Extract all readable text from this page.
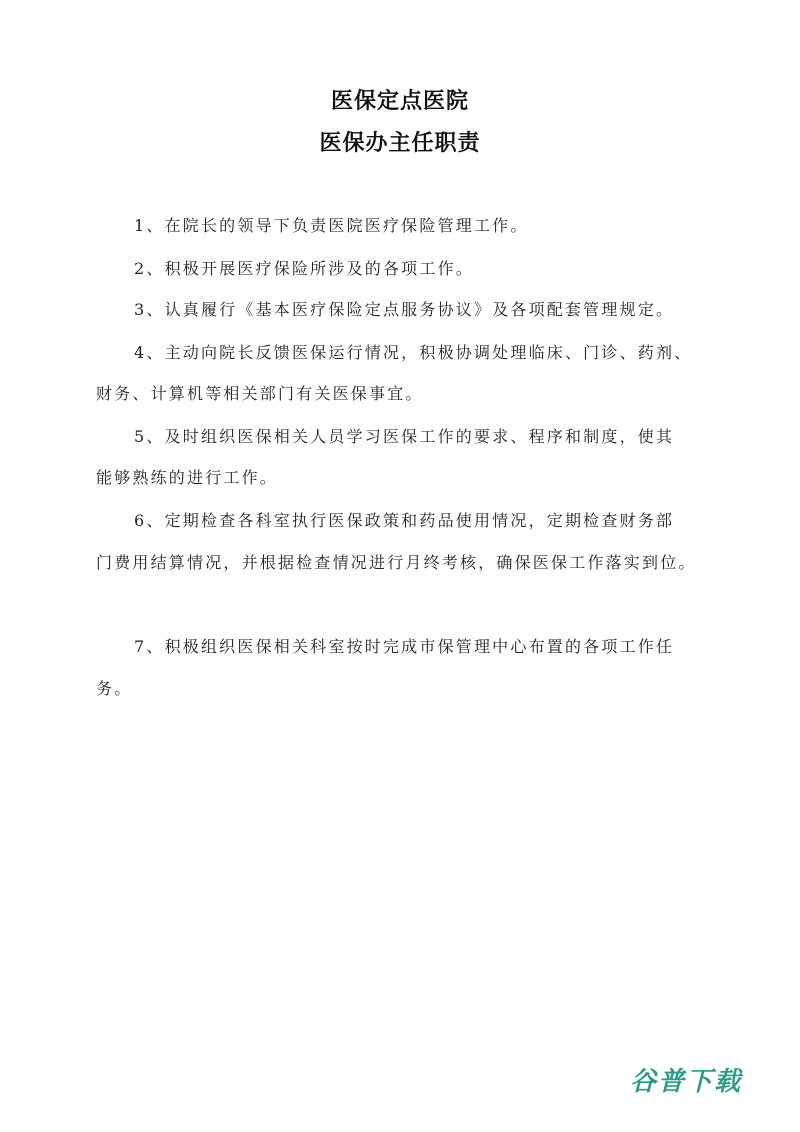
医保定点医院
医保办主任职责
1、在院长的领导下负责医院医疗保险管理工作。
2、积极开展医疗保险所涉及的各项工作。
3、认真履行《基本医疗保险定点服务协议》及各项配套管理规定。
4、主动向院长反馈医保运行情况，积极协调处理临床、门诊、药剂、
财务、计算机等相关部门有关医保事宜。
5、及时组织医保相关人员学习医保工作的要求、程序和制度，使其
能够熟练的进行工作。
6、定期检查各科室执行医保政策和药品使用情况，定期检查财务部
门费用结算情况，并根据检查情况进行月终考核，确保医保工作落实到位。
7、积极组织医保相关科室按时完成市保管理中心布置的各项工作任
务。
谷普下载
